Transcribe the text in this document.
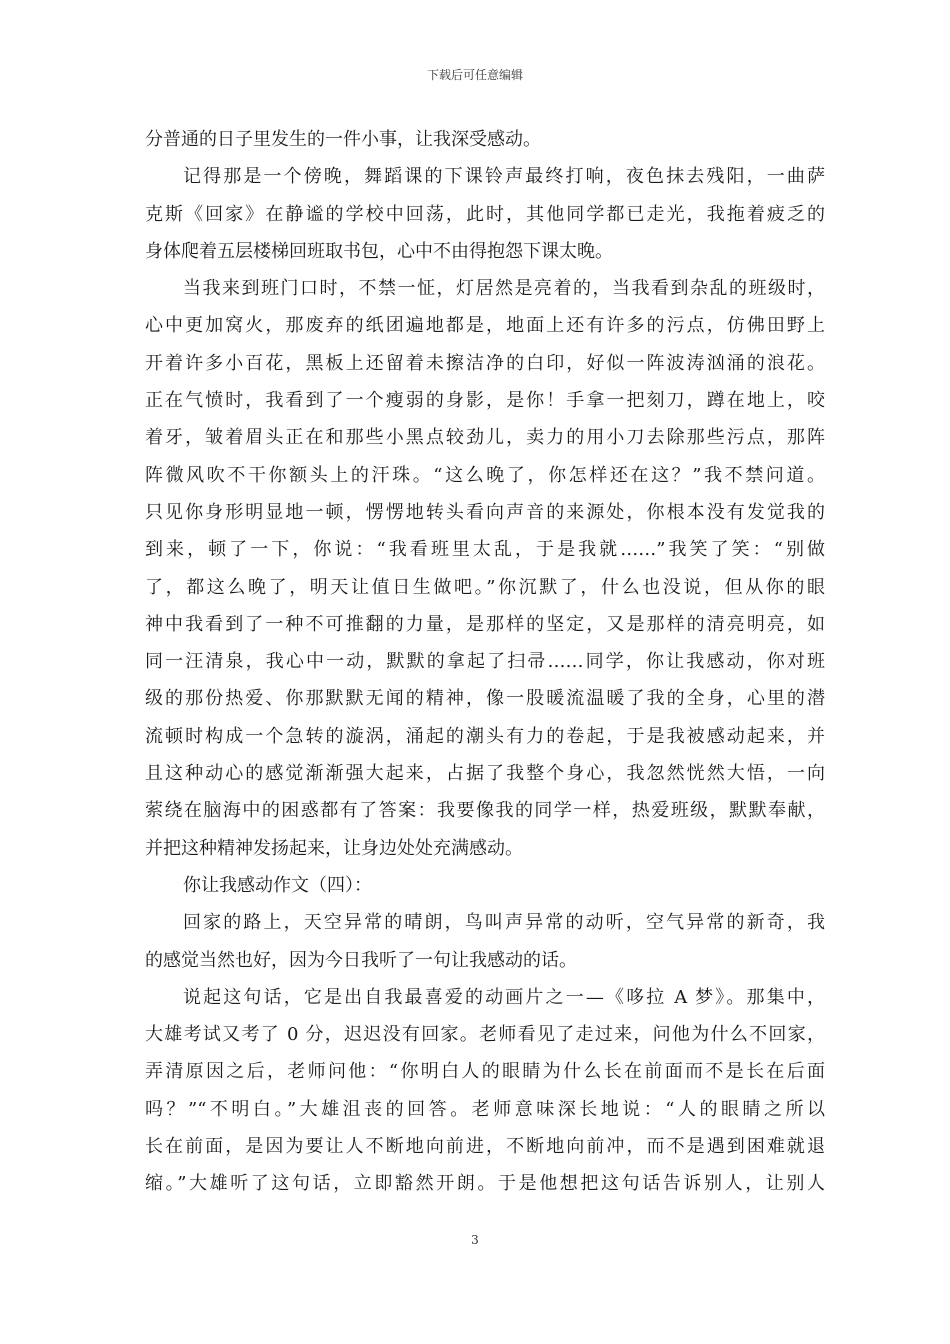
下载后可任意编辑
分普通的日子里发生的一件小事，让我深受感动。
记得那是一个傍晚，舞蹈课的下课铃声最终打响，夜色抹去残阳，一曲萨
克斯《回家》在静谧的学校中回荡，此时，其他同学都已走光，我拖着疲乏的
身体爬着五层楼梯回班取书包，心中不由得抱怨下课太晚。
当我来到班门口时，不禁一怔，灯居然是亮着的，当我看到杂乱的班级时，
心中更加窝火，那废弃的纸团遍地都是，地面上还有许多的污点，仿佛田野上
开着许多小百花，黑板上还留着未擦洁净的白印，好似一阵波涛汹涌的浪花。
正在气愤时，我看到了一个瘦弱的身影，是你！手拿一把刻刀，蹲在地上，咬
着牙，皱着眉头正在和那些小黑点较劲儿，卖力的用小刀去除那些污点，那阵
阵微风吹不干你额头上的汗珠。“这么晚了，你怎样还在这？”我不禁问道。
只见你身形明显地一顿，愣愣地转头看向声音的来源处，你根本没有发觉我的
到来，顿了一下，你说：“我看班里太乱，于是我就……”我笑了笑：“别做
了，都这么晚了，明天让值日生做吧。”你沉默了，什么也没说，但从你的眼
神中我看到了一种不可推翻的力量，是那样的坚定，又是那样的清亮明亮，如
同一汪清泉，我心中一动，默默的拿起了扫帚……同学，你让我感动，你对班
级的那份热爱、你那默默无闻的精神，像一股暖流温暖了我的全身，心里的潜
流顿时构成一个急转的漩涡，涌起的潮头有力的卷起，于是我被感动起来，并
且这种动心的感觉渐渐强大起来，占据了我整个身心，我忽然恍然大悟，一向
萦绕在脑海中的困惑都有了答案：我要像我的同学一样，热爱班级，默默奉献，
并把这种精神发扬起来，让身边处处充满感动。
你让我感动作文（四）：
回家的路上，天空异常的晴朗，鸟叫声异常的动听，空气异常的新奇，我
的感觉当然也好，因为今日我听了一句让我感动的话。
说起这句话，它是出自我最喜爱的动画片之一—《哆拉 A 梦》。那集中，
大雄考试又考了 0 分，迟迟没有回家。老师看见了走过来，问他为什么不回家，
弄清原因之后，老师问他：“你明白人的眼睛为什么长在前面而不是长在后面
吗？”“不明白。”大雄沮丧的回答。老师意味深长地说：“人的眼睛之所以
长在前面，是因为要让人不断地向前进，不断地向前冲，而不是遇到困难就退
缩。”大雄听了这句话，立即豁然开朗。于是他想把这句话告诉别人，让别人
3
